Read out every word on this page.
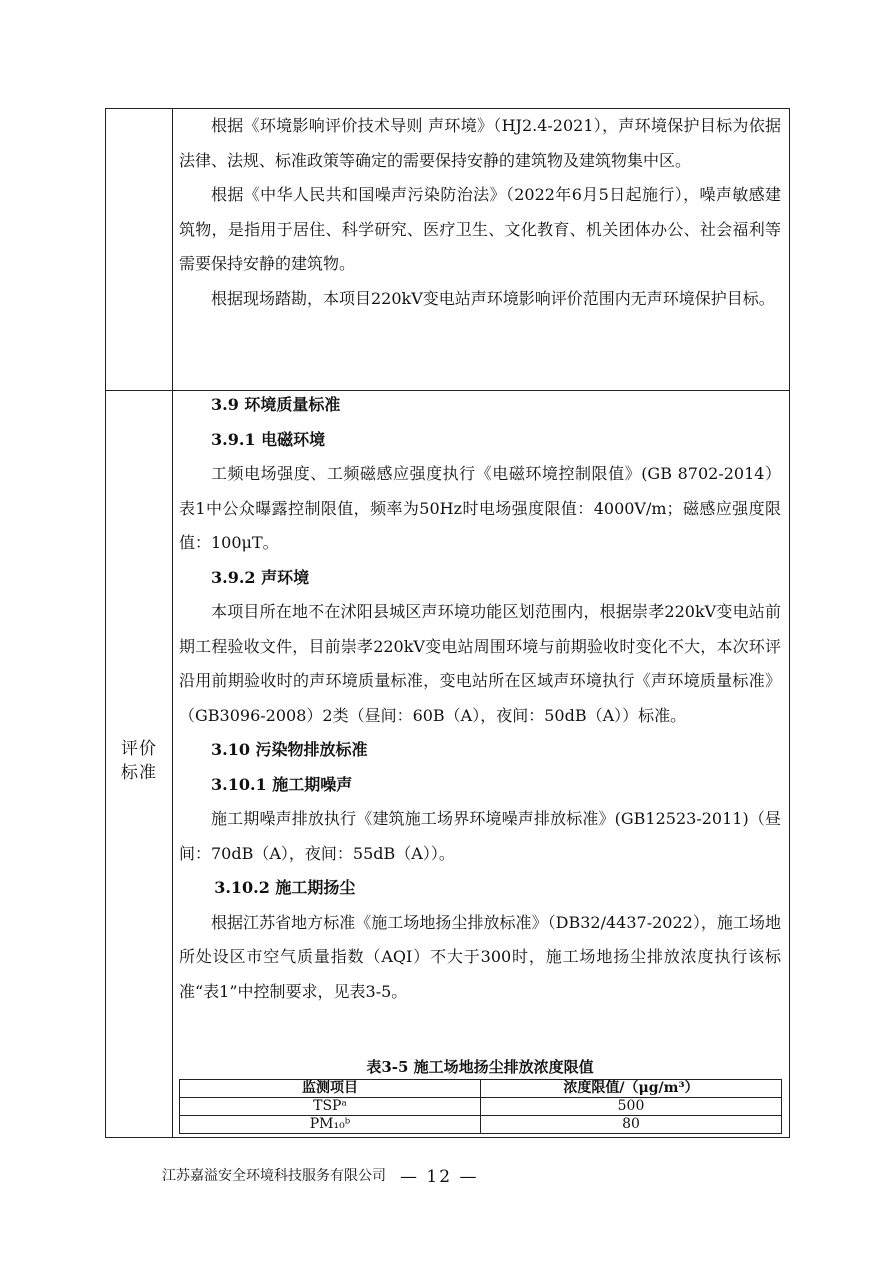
评价
标准

根据《环境影响评价技术导则 声环境》（HJ2.4-2021），声环境保护目标为依据法律、法规、标准政策等确定的需要保持安静的建筑物及建筑物集中区。

根据《中华人民共和国噪声污染防治法》（2022年6月5日起施行），噪声敏感建筑物，是指用于居住、科学研究、医疗卫生、文化教育、机关团体办公、社会福利等需要保持安静的建筑物。

根据现场踏勘，本项目220kV变电站声环境影响评价范围内无声环境保护目标。

3.9 环境质量标准

3.9.1 电磁环境

工频电场强度、工频磁感应强度执行《电磁环境控制限值》(GB 8702-2014）表1中公众曝露控制限值，频率为50Hz时电场强度限值：4000V/m；磁感应强度限值：100μT。

3.9.2 声环境

本项目所在地不在沭阳县城区声环境功能区划范围内，根据崇孝220kV变电站前期工程验收文件，目前崇孝220kV变电站周围环境与前期验收时变化不大，本次环评沿用前期验收时的声环境质量标准，变电站所在区域声环境执行《声环境质量标准》（GB3096-2008）2类（昼间：60B（A），夜间：50dB（A））标准。

3.10 污染物排放标准

3.10.1 施工期噪声

施工期噪声排放执行《建筑施工场界环境噪声排放标准》(GB12523-2011)（昼间：70dB（A），夜间：55dB（A））。

3.10.2 施工期扬尘

根据江苏省地方标准《施工场地扬尘排放标准》（DB32/4437-2022），施工场地所处设区市空气质量指数（AQI）不大于300时，施工场地扬尘排放浓度执行该标准“表1”中控制要求，见表3-5。

表3-5 施工场地扬尘排放浓度限值
监测项目	浓度限值/（μg/m³）
TSPᵃ	500
PM₁₀ᵇ	80
江苏嘉溢安全环境科技服务有限公司 — 12 —
